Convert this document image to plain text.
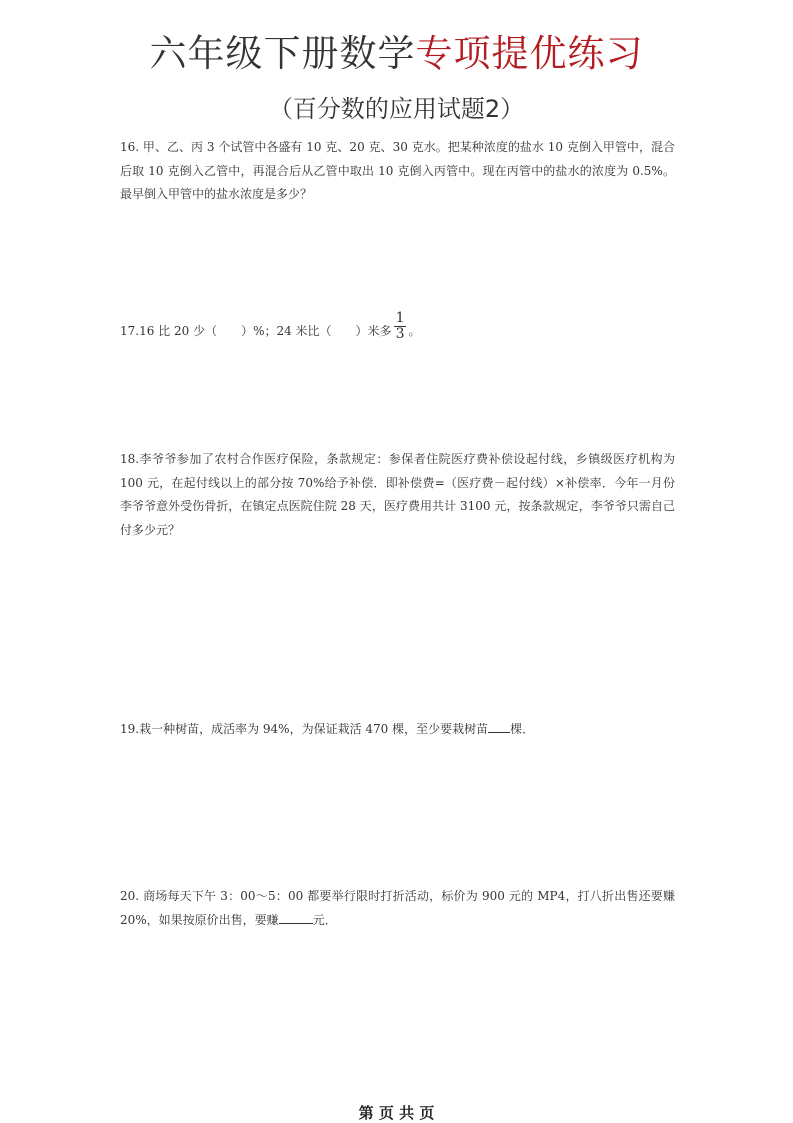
六年级下册数学专项提优练习
（百分数的应用试题2）
16. 甲、乙、丙 3 个试管中各盛有 10 克、20 克、30 克水。把某种浓度的盐水 10 克倒入甲管中，混合后取 10 克倒入乙管中，再混合后从乙管中取出 10 克倒入丙管中。现在丙管中的盐水的浓度为 0.5%。最早倒入甲管中的盐水浓度是多少？
17.16 比 20 少（　　）%；24 米比（　　）米多 $\frac{1}{3}$ 。
18.李爷爷参加了农村合作医疗保险，条款规定：参保者住院医疗费补偿设起付线，乡镇级医疗机构为 100 元，在起付线以上的部分按 70%给予补偿．即补偿费=（医疗费－起付线）×补偿率．今年一月份李爷爷意外受伤骨折，在镇定点医院住院 28 天，医疗费用共计 3100 元，按条款规定，李爷爷只需自己付多少元？
19.栽一种树苗，成活率为 94%，为保证栽活 470 棵，至少要栽树苗 棵．
20. 商场每天下午 3：00～5：00 都要举行限时打折活动，标价为 900 元的 MP4，打八折出售还要赚 20%，如果按原价出售，要赚	元．
第 页 共 页
